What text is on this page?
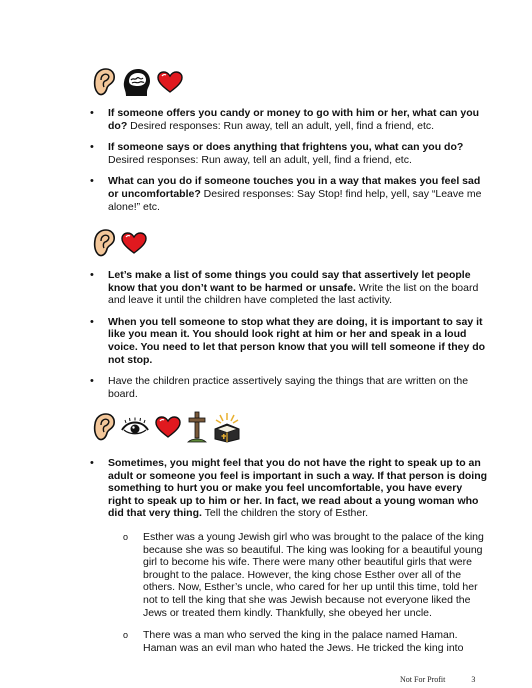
• If someone offers you candy or money to go with him or her, what can you do? Desired responses: Run away, tell an adult, yell, find a friend, etc.
• If someone says or does anything that frightens you, what can you do? Desired responses: Run away, tell an adult, yell, find a friend, etc.
• What can you do if someone touches you in a way that makes you feel sad or uncomfortable? Desired responses: Say Stop! find help, yell, say “Leave me alone!” etc.
• Let’s make a list of some things you could say that assertively let people know that you don’t want to be harmed or unsafe. Write the list on the board and leave it until the children have completed the last activity.
• When you tell someone to stop what they are doing, it is important to say it like you mean it. You should look right at him or her and speak in a loud voice. You need to let that person know that you will tell someone if they do not stop.
• Have the children practice assertively saying the things that are written on the board.
• Sometimes, you might feel that you do not have the right to speak up to an adult or someone you feel is important in such a way. If that person is doing something to hurt you or make you feel uncomfortable, you have every right to speak up to him or her. In fact, we read about a young woman who did that very thing. Tell the children the story of Esther.
o Esther was a young Jewish girl who was brought to the palace of the king because she was so beautiful. The king was looking for a beautiful young girl to become his wife. There were many other beautiful girls that were brought to the palace. However, the king chose Esther over all of the others. Now, Esther’s uncle, who cared for her up until this time, told her not to tell the king that she was Jewish because not everyone liked the Jews or treated them kindly. Thankfully, she obeyed her uncle.
o There was a man who served the king in the palace named Haman. Haman was an evil man who hated the Jews. He tricked the king into
Not For Profit	3
